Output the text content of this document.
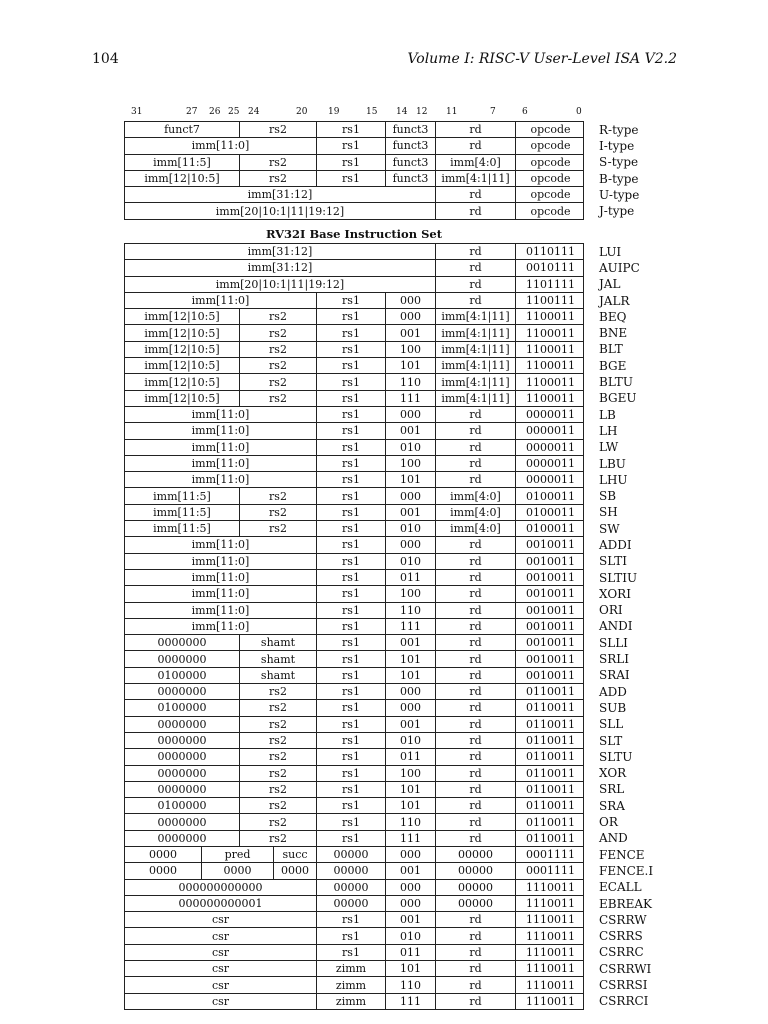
104	Volume I: RISC-V User-Level ISA V2.2
31	27 26 25 24	20 19	15 14 12 11	7	6	0
funct7	rs2	rs1	funct3	rd	opcode	R-type
imm[11:0]	rs1	funct3	rd	opcode	I-type
imm[11:5]	rs2	rs1	funct3	imm[4:0]	opcode	S-type
imm[12|10:5]	rs2	rs1	funct3	imm[4:1|11]	opcode	B-type
imm[31:12]	rd	opcode	U-type
imm[20|10:1|11|19:12]	rd	opcode	J-type
RV32I Base Instruction Set
imm[31:12]	rd	0110111	LUI
imm[31:12]	rd	0010111	AUIPC
imm[20|10:1|11|19:12]	rd	1101111	JAL
imm[11:0]	rs1	000	rd	1100111	JALR
imm[12|10:5]	rs2	rs1	000	imm[4:1|11]	1100011	BEQ
imm[12|10:5]	rs2	rs1	001	imm[4:1|11]	1100011	BNE
imm[12|10:5]	rs2	rs1	100	imm[4:1|11]	1100011	BLT
imm[12|10:5]	rs2	rs1	101	imm[4:1|11]	1100011	BGE
imm[12|10:5]	rs2	rs1	110	imm[4:1|11]	1100011	BLTU
imm[12|10:5]	rs2	rs1	111	imm[4:1|11]	1100011	BGEU
imm[11:0]	rs1	000	rd	0000011	LB
imm[11:0]	rs1	001	rd	0000011	LH
imm[11:0]	rs1	010	rd	0000011	LW
imm[11:0]	rs1	100	rd	0000011	LBU
imm[11:0]	rs1	101	rd	0000011	LHU
imm[11:5]	rs2	rs1	000	imm[4:0]	0100011	SB
imm[11:5]	rs2	rs1	001	imm[4:0]	0100011	SH
imm[11:5]	rs2	rs1	010	imm[4:0]	0100011	SW
imm[11:0]	rs1	000	rd	0010011	ADDI
imm[11:0]	rs1	010	rd	0010011	SLTI
imm[11:0]	rs1	011	rd	0010011	SLTIU
imm[11:0]	rs1	100	rd	0010011	XORI
imm[11:0]	rs1	110	rd	0010011	ORI
imm[11:0]	rs1	111	rd	0010011	ANDI
0000000	shamt	rs1	001	rd	0010011	SLLI
0000000	shamt	rs1	101	rd	0010011	SRLI
0100000	shamt	rs1	101	rd	0010011	SRAI
0000000	rs2	rs1	000	rd	0110011	ADD
0100000	rs2	rs1	000	rd	0110011	SUB
0000000	rs2	rs1	001	rd	0110011	SLL
0000000	rs2	rs1	010	rd	0110011	SLT
0000000	rs2	rs1	011	rd	0110011	SLTU
0000000	rs2	rs1	100	rd	0110011	XOR
0000000	rs2	rs1	101	rd	0110011	SRL
0100000	rs2	rs1	101	rd	0110011	SRA
0000000	rs2	rs1	110	rd	0110011	OR
0000000	rs2	rs1	111	rd	0110011	AND
0000	pred	succ	00000	000	00000	0001111	FENCE
0000	0000	0000	00000	001	00000	0001111	FENCE.I
000000000000	00000	000	00000	1110011	ECALL
000000000001	00000	000	00000	1110011	EBREAK
csr	rs1	001	rd	1110011	CSRRW
csr	rs1	010	rd	1110011	CSRRS
csr	rs1	011	rd	1110011	CSRRC
csr	zimm	101	rd	1110011	CSRRWI
csr	zimm	110	rd	1110011	CSRRSI
csr	zimm	111	rd	1110011	CSRRCI
